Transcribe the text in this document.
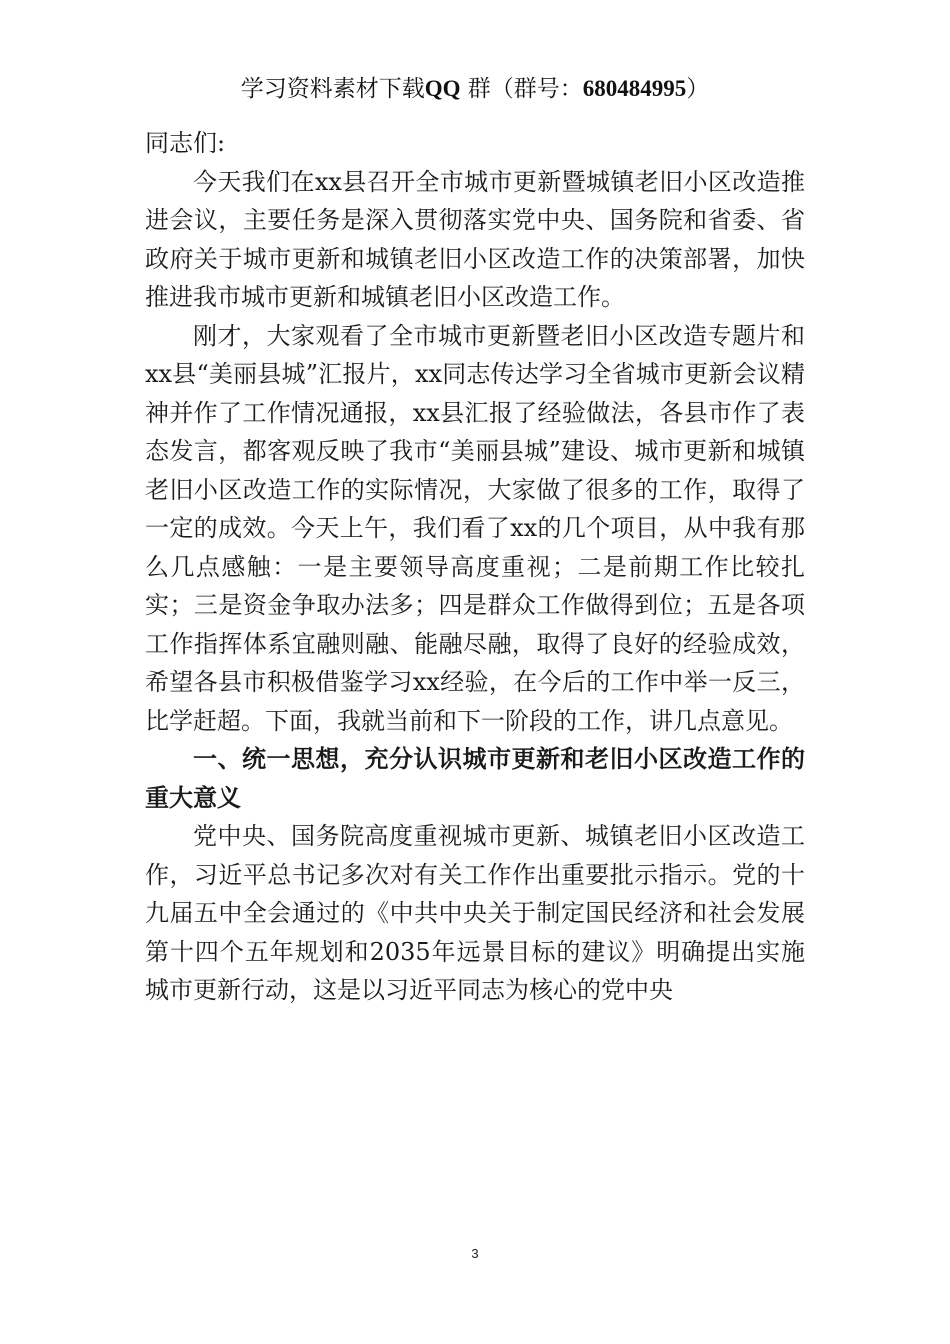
学习资料素材下载QQ 群（群号：680484995）

同志们:

今天我们在xx县召开全市城市更新暨城镇老旧小区改造推进会议，主要任务是深入贯彻落实党中央、国务院和省委、省政府关于城市更新和城镇老旧小区改造工作的决策部署，加快推进我市城市更新和城镇老旧小区改造工作。

刚才，大家观看了全市城市更新暨老旧小区改造专题片和xx县“美丽县城”汇报片，xx同志传达学习全省城市更新会议精神并作了工作情况通报，xx县汇报了经验做法，各县市作了表态发言，都客观反映了我市“美丽县城”建设、城市更新和城镇老旧小区改造工作的实际情况，大家做了很多的工作，取得了一定的成效。今天上午，我们看了xx的几个项目，从中我有那么几点感触：一是主要领导高度重视；二是前期工作比较扎实；三是资金争取办法多；四是群众工作做得到位；五是各项工作指挥体系宜融则融、能融尽融，取得了良好的经验成效，希望各县市积极借鉴学习xx经验，在今后的工作中举一反三，比学赶超。下面，我就当前和下一阶段的工作，讲几点意见。

一、统一思想，充分认识城市更新和老旧小区改造工作的重大意义

党中央、国务院高度重视城市更新、城镇老旧小区改造工作，习近平总书记多次对有关工作作出重要批示指示。党的十九届五中全会通过的《中共中央关于制定国民经济和社会发展第十四个五年规划和2035年远景目标的建议》明确提出实施城市更新行动，这是以习近平同志为核心的党中央

3
